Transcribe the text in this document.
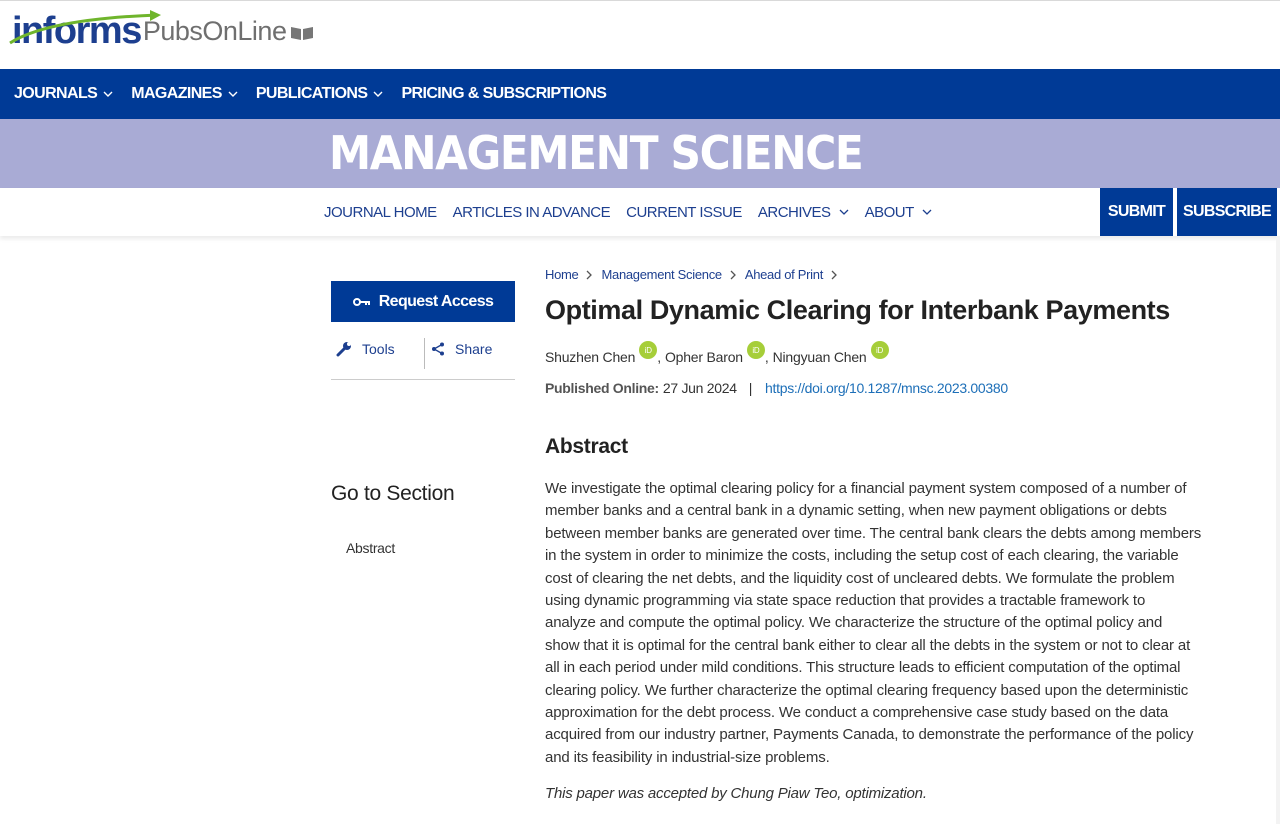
informs PubsOnLine
JOURNALS MAGAZINES PUBLICATIONS PRICING & SUBSCRIPTIONS
MANAGEMENT SCIENCE
JOURNAL HOME ARTICLES IN ADVANCE CURRENT ISSUE ARCHIVES ABOUT	SUBMIT	SUBSCRIBE
Request Access
Tools	Share
Go to Section
Abstract
Home Management Science Ahead of Print
Optimal Dynamic Clearing for Interbank Payments
Shuzhen Chen	iD , Opher Baron	iD , Ningyuan Chen	iD
Published Online: 27 Jun 2024 | https://doi.org/10.1287/mnsc.2023.00380
Abstract
We investigate the optimal clearing policy for a financial payment system composed of a number of
member banks and a central bank in a dynamic setting, when new payment obligations or debts
between member banks are generated over time. The central bank clears the debts among members
in the system in order to minimize the costs, including the setup cost of each clearing, the variable
cost of clearing the net debts, and the liquidity cost of uncleared debts. We formulate the problem
using dynamic programming via state space reduction that provides a tractable framework to
analyze and compute the optimal policy. We characterize the structure of the optimal policy and
show that it is optimal for the central bank either to clear all the debts in the system or not to clear at
all in each period under mild conditions. This structure leads to efficient computation of the optimal
clearing policy. We further characterize the optimal clearing frequency based upon the deterministic
approximation for the debt process. We conduct a comprehensive case study based on the data
acquired from our industry partner, Payments Canada, to demonstrate the performance of the policy
and its feasibility in industrial-size problems.
This paper was accepted by Chung Piaw Teo, optimization.
